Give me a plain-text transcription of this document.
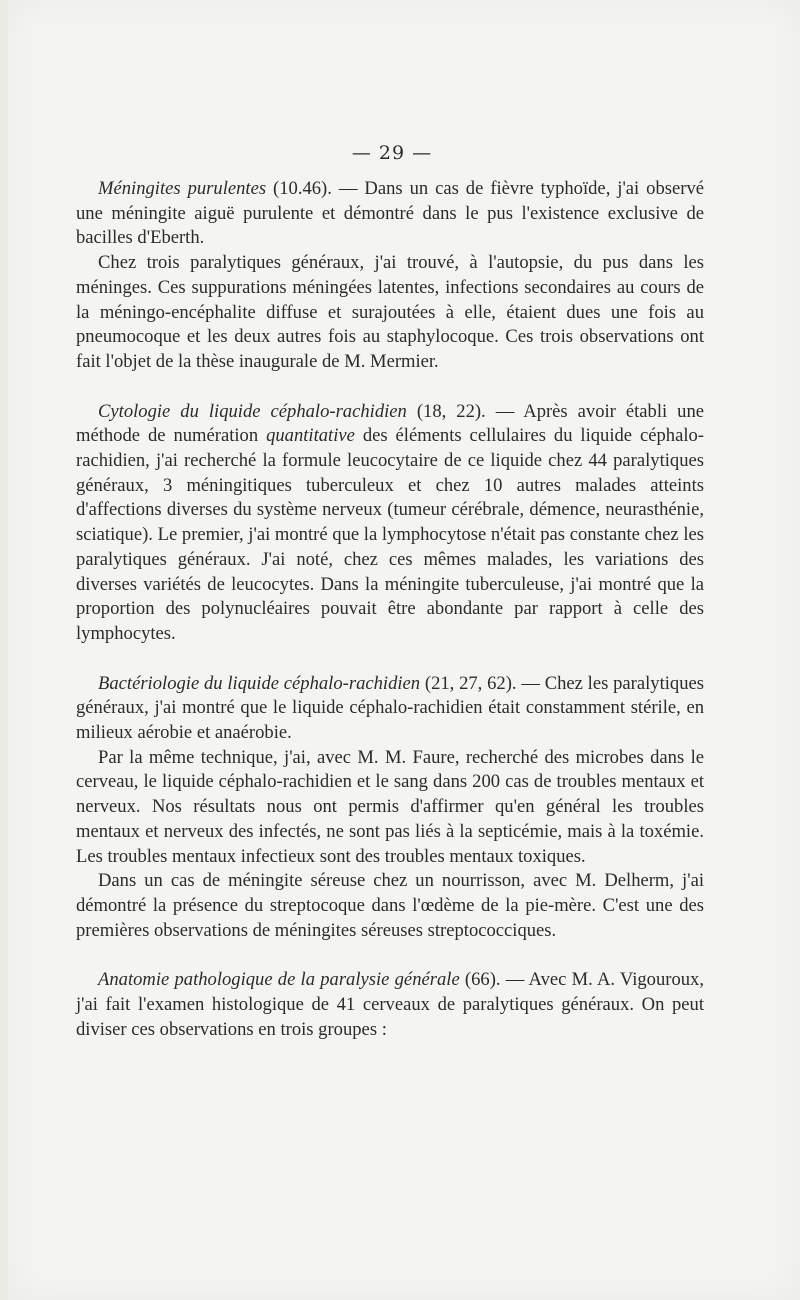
— 29 —

Méningites purulentes (10.46). — Dans un cas de fièvre typhoïde, j'ai observé une méningite aiguë purulente et démontré dans le pus l'existence exclusive de bacilles d'Eberth.

Chez trois paralytiques généraux, j'ai trouvé, à l'autopsie, du pus dans les méninges. Ces suppurations méningées latentes, infections secondaires au cours de la méningo-encéphalite diffuse et surajoutées à elle, étaient dues une fois au pneumocoque et les deux autres fois au staphylocoque. Ces trois observations ont fait l'objet de la thèse inaugurale de M. Mermier.

Cytologie du liquide céphalo-rachidien (18, 22). — Après avoir établi une méthode de numération quantitative des éléments cellulaires du liquide céphalo-rachidien, j'ai recherché la formule leucocytaire de ce liquide chez 44 paralytiques généraux, 3 méningitiques tuberculeux et chez 10 autres malades atteints d'affections diverses du système nerveux (tumeur cérébrale, démence, neurasthénie, sciatique). Le premier, j'ai montré que la lymphocytose n'était pas constante chez les paralytiques généraux. J'ai noté, chez ces mêmes malades, les variations des diverses variétés de leucocytes. Dans la méningite tuberculeuse, j'ai montré que la proportion des polynucléaires pouvait être abondante par rapport à celle des lymphocytes.

Bactériologie du liquide céphalo-rachidien (21, 27, 62). — Chez les paralytiques généraux, j'ai montré que le liquide céphalo-rachidien était constamment stérile, en milieux aérobie et anaérobie.

Par la même technique, j'ai, avec M. M. Faure, recherché des microbes dans le cerveau, le liquide céphalo-rachidien et le sang dans 200 cas de troubles mentaux et nerveux. Nos résultats nous ont permis d'affirmer qu'en général les troubles mentaux et nerveux des infectés, ne sont pas liés à la septicémie, mais à la toxémie. Les troubles mentaux infectieux sont des troubles mentaux toxiques.

Dans un cas de méningite séreuse chez un nourrisson, avec M. Delherm, j'ai démontré la présence du streptocoque dans l'œdème de la pie-mère. C'est une des premières observations de méningites séreuses streptococciques.

Anatomie pathologique de la paralysie générale (66). — Avec M. A. Vigouroux, j'ai fait l'examen histologique de 41 cerveaux de paralytiques généraux. On peut diviser ces observations en trois groupes :
